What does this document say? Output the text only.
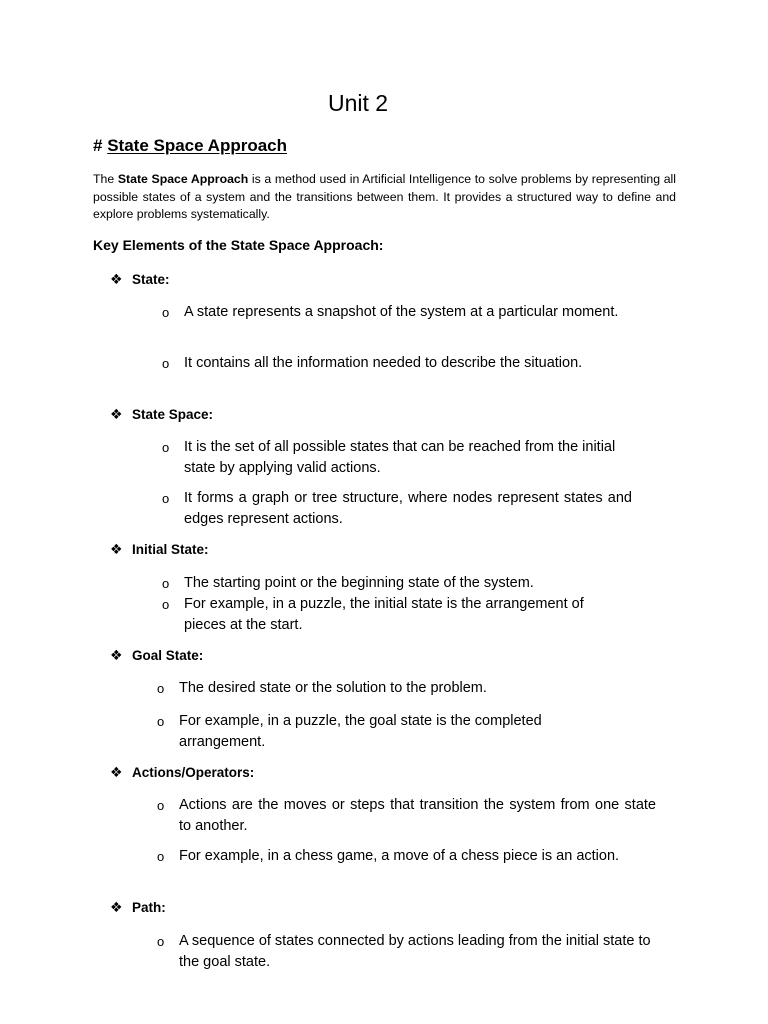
Unit 2
# State Space Approach
The State Space Approach is a method used in Artificial Intelligence to solve problems by representing all possible states of a system and the transitions between them. It provides a structured way to define and explore problems systematically.
Key Elements of the State Space Approach:
❖ State:
o A state represents a snapshot of the system at a particular moment.
o It contains all the information needed to describe the situation.
❖ State Space:
o It is the set of all possible states that can be reached from the initial state by applying valid actions.
o It forms a graph or tree structure, where nodes represent states and edges represent actions.
❖ Initial State:
o The starting point or the beginning state of the system.
o For example, in a puzzle, the initial state is the arrangement of pieces at the start.
❖ Goal State:
o The desired state or the solution to the problem.
o For example, in a puzzle, the goal state is the completed arrangement.
❖ Actions/Operators:
o Actions are the moves or steps that transition the system from one state to another.
o For example, in a chess game, a move of a chess piece is an action.
❖ Path:
o A sequence of states connected by actions leading from the initial state to the goal state.
